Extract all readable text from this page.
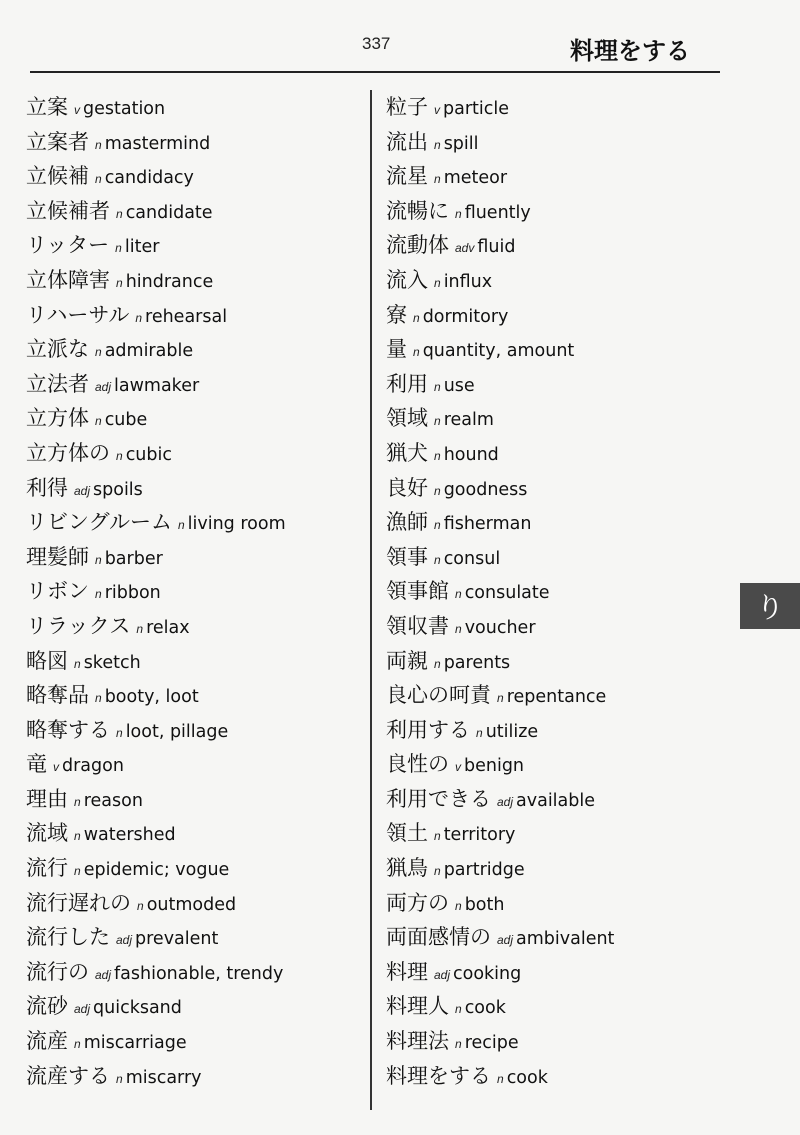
337	料理をする
立案 v gestation
立案者 n mastermind
立候補 n candidacy
立候補者 n candidate
リッター n liter
立体障害 n hindrance
リハーサル n rehearsal
立派な n admirable
立法者 adj lawmaker
立方体 n cube
立方体の n cubic
利得 adj spoils
リビングルーム n living room
理髪師 n barber
リボン n ribbon
リラックス n relax
略図 n sketch
略奪品 n booty, loot
略奪する n loot, pillage
竜v dragon
理由 n reason
流域 n watershed
流行 n epidemic; vogue
流行遅れの n outmoded
流行した adj prevalent
流行の adj fashionable, trendy
流砂 adj quicksand
流産 n miscarriage
流産する n miscarry
粒子 v particle
流出 n spill
流星 n meteor
流暢に n fluently
流動体 adv fluid
流入 n influx
寮n dormitory
量n quantity, amount
利用 n use
領域 n realm
猟犬 n hound
良好 n goodness
漁師 n fisherman
領事 n consul
領事館 n consulate
領収書 n voucher
両親 n parents
良心の呵責 n repentance
利用する n utilize
良性の v benign
利用できる adj available
領土 n territory
猟鳥 n partridge
両方の n both
両面感情の adj ambivalent
料理 adj cooking
料理人 n cook
料理法 n recipe
料理をする n cook
り
